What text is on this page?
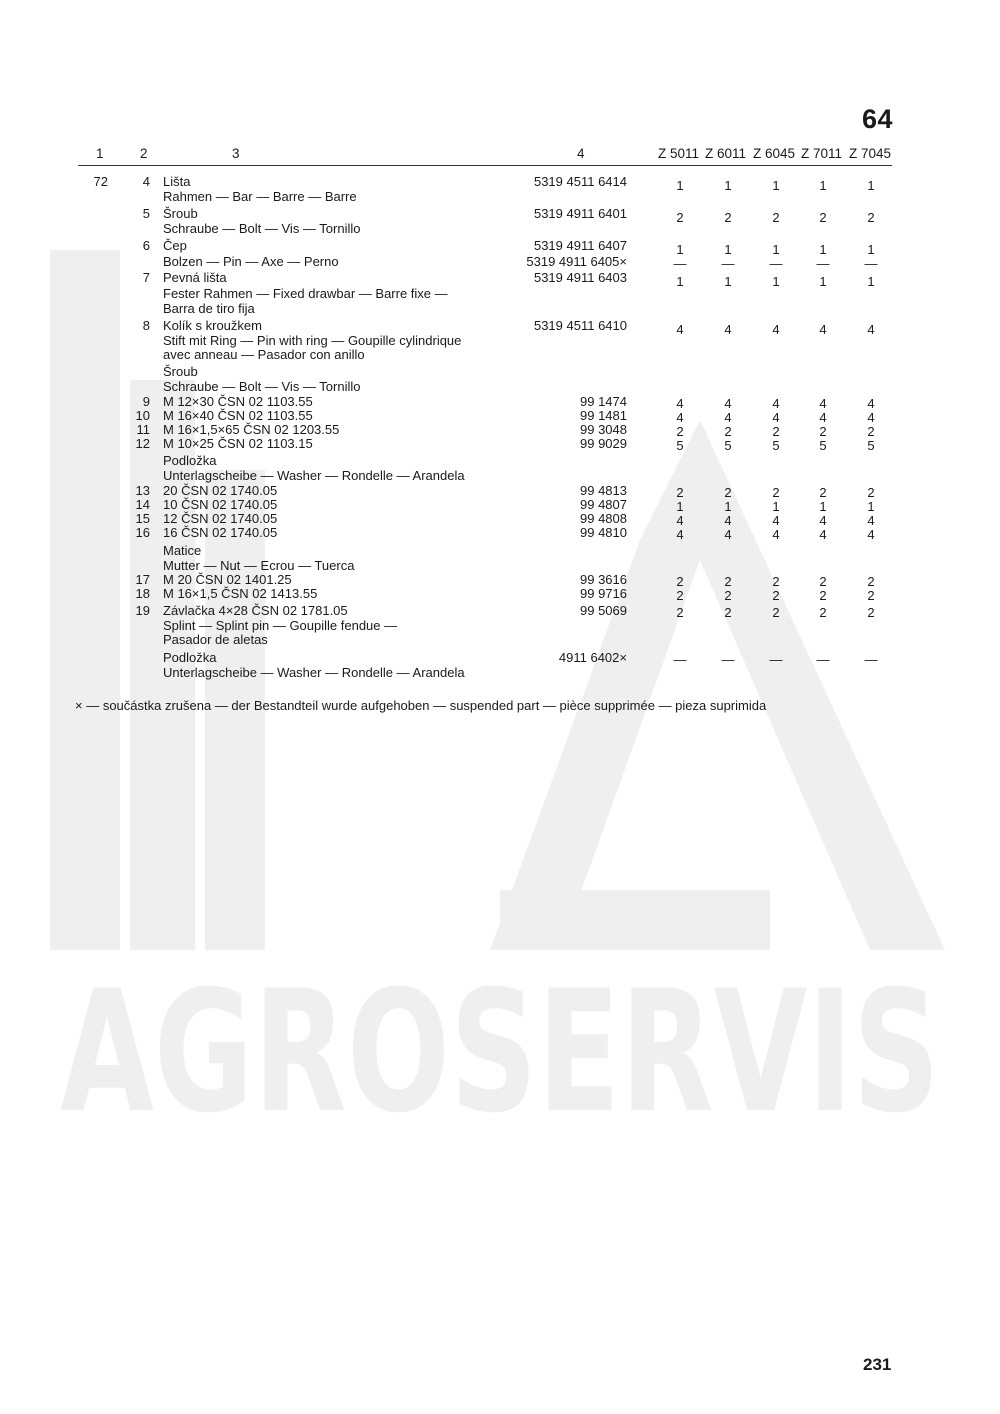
AGROSERVIS
64
1	2	3	4	Z 5011 Z 6011 Z 6045 Z 7011 Z 7045
72	4 Lišta	5319 4511 6414	1	1	1	1	1
Rahmen — Bar — Barre — Barre
5 Šroub	5319 4911 6401	2	2	2	2	2
Schraube — Bolt — Vis — Tornillo
6 Čep	5319 4911 6407	1	1	1	1	1
Bolzen — Pin — Axe — Perno	5319 4911 6405×	—	—	—	—	—
7 Pevná lišta	5319 4911 6403	1	1	1	1	1
Fester Rahmen — Fixed drawbar — Barre fixe —
Barra de tiro fija
8 Kolík s kroužkem	5319 4511 6410	4	4	4	4	4
Stift mit Ring — Pin with ring — Goupille cylindrique
avec anneau — Pasador con anillo
Šroub
Schraube — Bolt — Vis — Tornillo
9 M 12×30 ČSN 02 1103.55	99 1474	4	4	4	4	4
10 M 16×40 ČSN 02 1103.55	99 1481	4	4	4	4	4
11 M 16×1,5×65 ČSN 02 1203.55	99 3048	2	2	2	2	2
12 M 10×25 ČSN 02 1103.15	99 9029	5	5	5	5	5
Podložka
Unterlagscheibe — Washer — Rondelle — Arandela
13 20 ČSN 02 1740.05	99 4813	2	2	2	2	2
14 10 ČSN 02 1740.05	99 4807	1	1	1	1	1
15 12 ČSN 02 1740.05	99 4808	4	4	4	4	4
16 16 ČSN 02 1740.05	99 4810	4	4	4	4	4
Matice
Mutter — Nut — Ecrou — Tuerca
17 M 20 ČSN 02 1401.25	99 3616	2	2	2	2	2
18 M 16×1,5 ČSN 02 1413.55	99 9716	2	2	2	2	2
19 Závlačka 4×28 ČSN 02 1781.05	99 5069	2	2	2	2	2
Splint — Splint pin — Goupille fendue —
Pasador de aletas
Podložka	4911 6402×	—	—	—	—	—
Unterlagscheibe — Washer — Rondelle — Arandela
× — součástka zrušena — der Bestandteil wurde aufgehoben — suspended part — pièce supprimée — pieza suprimida
231
